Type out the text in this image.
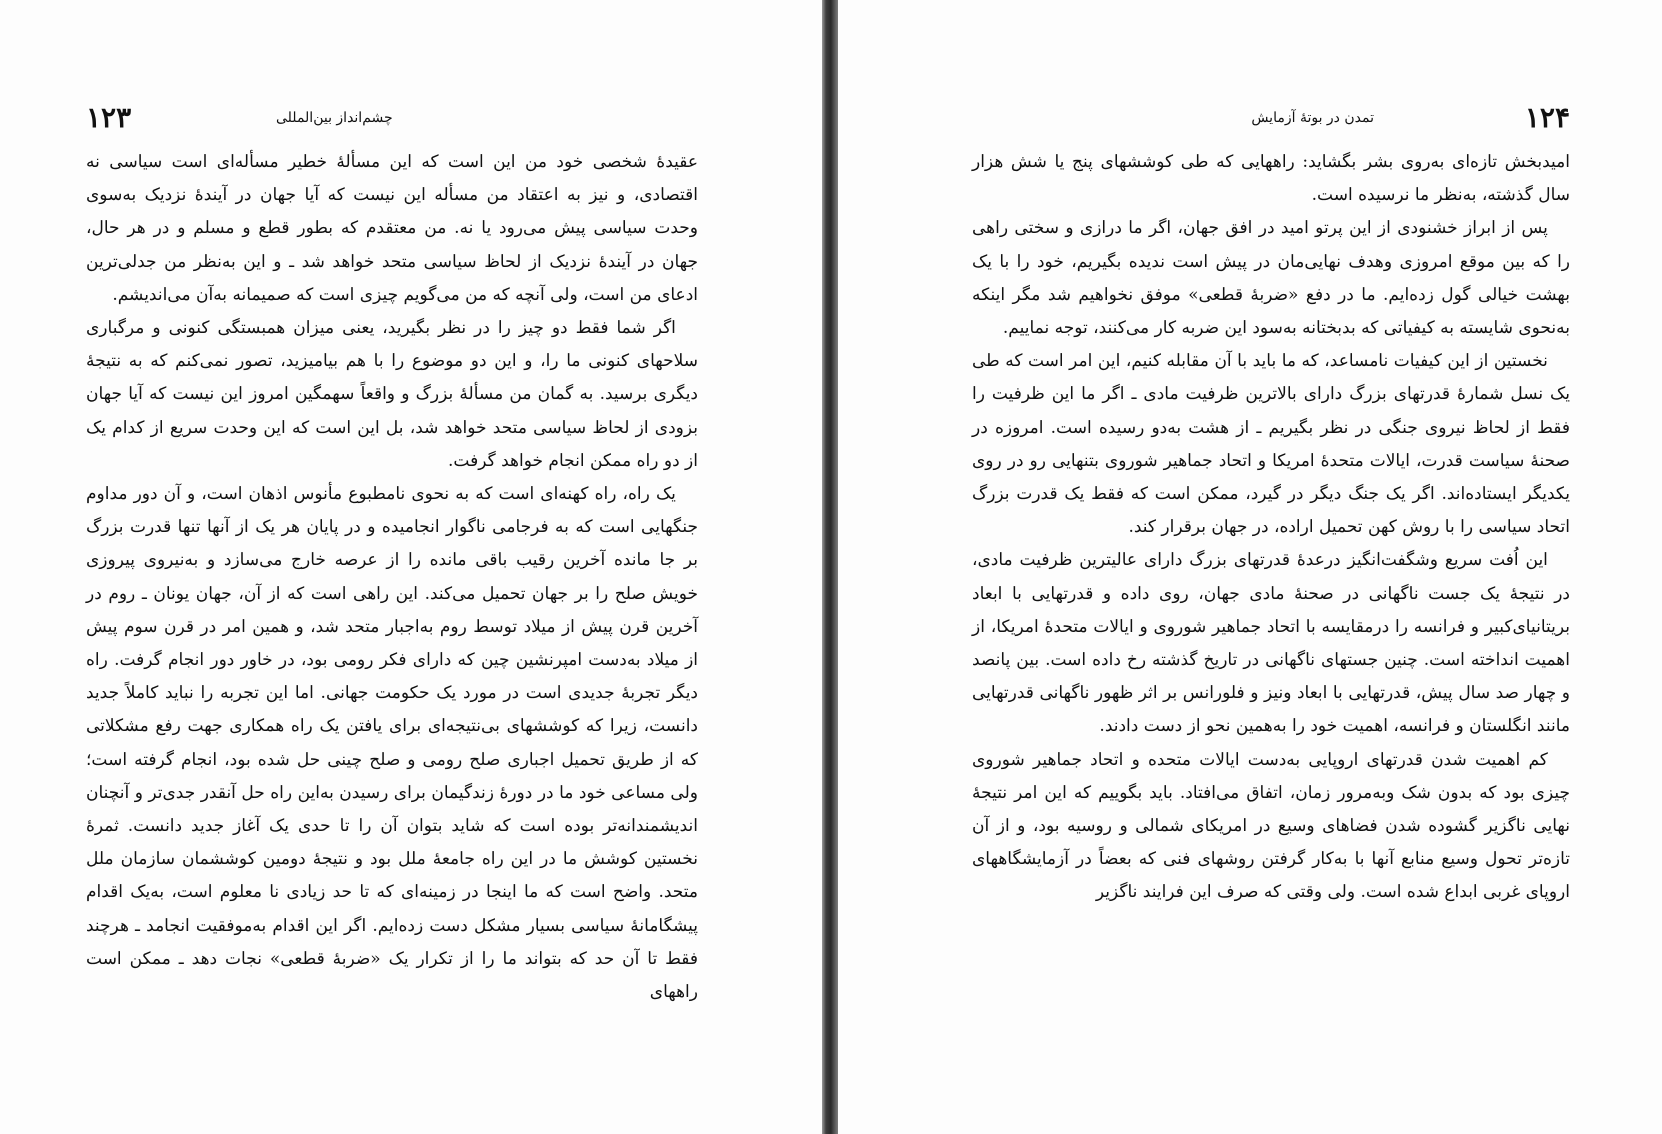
۱۲۳	چشم‌انداز بین‌المللی

عقیدهٔ شخصی خود من این است که این مسألهٔ خطیر مسأله‌ای است سیاسی نه اقتصادی، و نیز به اعتقاد من مسأله این نیست که آیا جهان در آیندهٔ نزدیک به‌سوی وحدت سیاسی پیش می‌رود یا نه. من معتقدم که بطور قطع و مسلم و در هر حال، جهان در آیندهٔ نزدیک از لحاظ سیاسی متحد خواهد شد ـ و این به‌نظر من جدلی‌ترین ادعای من است، ولی آنچه که من می‌گویم چیزی است که صمیمانه به‌آن می‌اندیشم.

اگر شما فقط دو چیز را در نظر بگیرید، یعنی میزان همبستگی کنونی و مرگباری سلاحهای کنونی ما را، و این دو موضوع را با هم بیامیزید، تصور نمی‌کنم که به نتیجهٔ دیگری برسید. به گمان من مسألهٔ بزرگ و واقعاً سهمگین امروز این نیست که آیا جهان بزودی از لحاظ سیاسی متحد خواهد شد، بل این است که این وحدت سریع از کدام یک از دو راه ممکن انجام خواهد گرفت.

یک راه، راه کهنه‌ای است که به نحوی نامطبوع مأنوس اذهان است، و آن دور مداوم جنگهایی است که به فرجامی ناگوار انجامیده و در پایان هر یک از آنها تنها قدرت بزرگ بر جا مانده آخرین رقیب باقی مانده را از عرصه خارج می‌سازد و به‌نیروی پیروزی خویش صلح را بر جهان تحمیل می‌کند. این راهی است که از آن، جهان یونان ـ روم در آخرین قرن پیش از میلاد توسط روم به‌اجبار متحد شد، و همین امر در قرن سوم پیش از میلاد به‌دست امپرنشین چین که دارای فکر رومی بود، در خاور دور انجام گرفت. راه دیگر تجربهٔ جدیدی است در مورد یک حکومت جهانی. اما این تجربه را نباید کاملاً جدید دانست، زیرا که کوششهای بی‌نتیجه‌ای برای یافتن یک راه همکاری جهت رفع مشکلاتی که از طریق تحمیل اجباری صلح رومی و صلح چینی حل شده بود، انجام گرفته است؛ ولی مساعی خود ما در دورهٔ زندگیمان برای رسیدن به‌این راه حل آنقدر جدی‌تر و آنچنان اندیشمندانه‌تر بوده است که شاید بتوان آن را تا حدی یک آغاز جدید دانست. ثمرهٔ نخستین کوشش ما در این راه جامعهٔ ملل بود و نتیجهٔ دومین کوششمان سازمان ملل متحد. واضح است که ما اینجا در زمینه‌ای که تا حد زیادی نا معلوم است، به‌یک اقدام پیشگامانهٔ سیاسی بسیار مشکل دست زده‌ایم. اگر این اقدام به‌موفقیت انجامد ـ هرچند فقط تا آن حد که بتواند ما را از تکرار یک «ضربهٔ قطعی» نجات دهد ـ ممکن است راههای

۱۲۴
تمدن در بوتهٔ آزمایش

امیدبخش تازه‌ای به‌روی بشر بگشاید: راههایی که طی کوششهای پنج یا شش هزار سال گذشته، به‌نظر ما نرسیده است.

پس از ابراز خشنودی از این پرتو امید در افق جهان، اگر ما درازی و سختی راهی را که بین موقع امروزی وهدف نهایی‌مان در پیش است ندیده بگیریم، خود را با یک بهشت خیالی گول زده‌ایم. ما در دفع «ضربهٔ قطعی» موفق نخواهیم شد مگر اینکه به‌نحوی شایسته به کیفیاتی که بدبختانه به‌سود این ضربه کار می‌کنند، توجه نماییم.

نخستین از این کیفیات نامساعد، که ما باید با آن مقابله کنیم، این امر است که طی یک نسل شمارهٔ قدرتهای بزرگ دارای بالاترین ظرفیت مادی ـ اگر ما این ظرفیت را فقط از لحاظ نیروی جنگی در نظر بگیریم ـ از هشت به‌دو رسیده است. امروزه در صحنهٔ سیاست قدرت، ایالات متحدهٔ امریکا و اتحاد جماهیر شوروی بتنهایی رو در روی یکدیگر ایستاده‌اند. اگر یک جنگ دیگر در گیرد، ممکن است که فقط یک قدرت بزرگ اتحاد سیاسی را با روش کهن تحمیل اراده، در جهان برقرار کند.

این اُفت سریع وشگفت‌انگیز درعدهٔ قدرتهای بزرگ دارای عالیترین ظرفیت مادی، در نتیجهٔ یک جست ناگهانی در صحنهٔ مادی جهان، روی داده و قدرتهایی با ابعاد بریتانیای‌کبیر و فرانسه را درمقایسه با اتحاد جماهیر شوروی و ایالات متحدهٔ امریکا، از اهمیت انداخته است. چنین جستهای ناگهانی در تاریخ گذشته رخ داده است. بین پانصد و چهار صد سال پیش، قدرتهایی با ابعاد ونیز و فلورانس بر اثر ظهور ناگهانی قدرتهایی مانند انگلستان و فرانسه، اهمیت خود را به‌همین نحو از دست دادند.

کم اهمیت شدن قدرتهای اروپایی به‌دست ایالات متحده و اتحاد جماهیر شوروی چیزی بود که بدون شک وبه‌مرور زمان، اتفاق می‌افتاد. باید بگوییم که این امر نتیجهٔ نهایی ناگزیر گشوده شدن فضاهای وسیع در امریکای شمالی و روسیه بود، و از آن تازه‌تر تحول وسیع منابع آنها با به‌کار گرفتن روشهای فنی که بعضاً در آزمایشگاههای اروپای غربی ابداع شده است. ولی وقتی که صرف این فرایند ناگزیر
